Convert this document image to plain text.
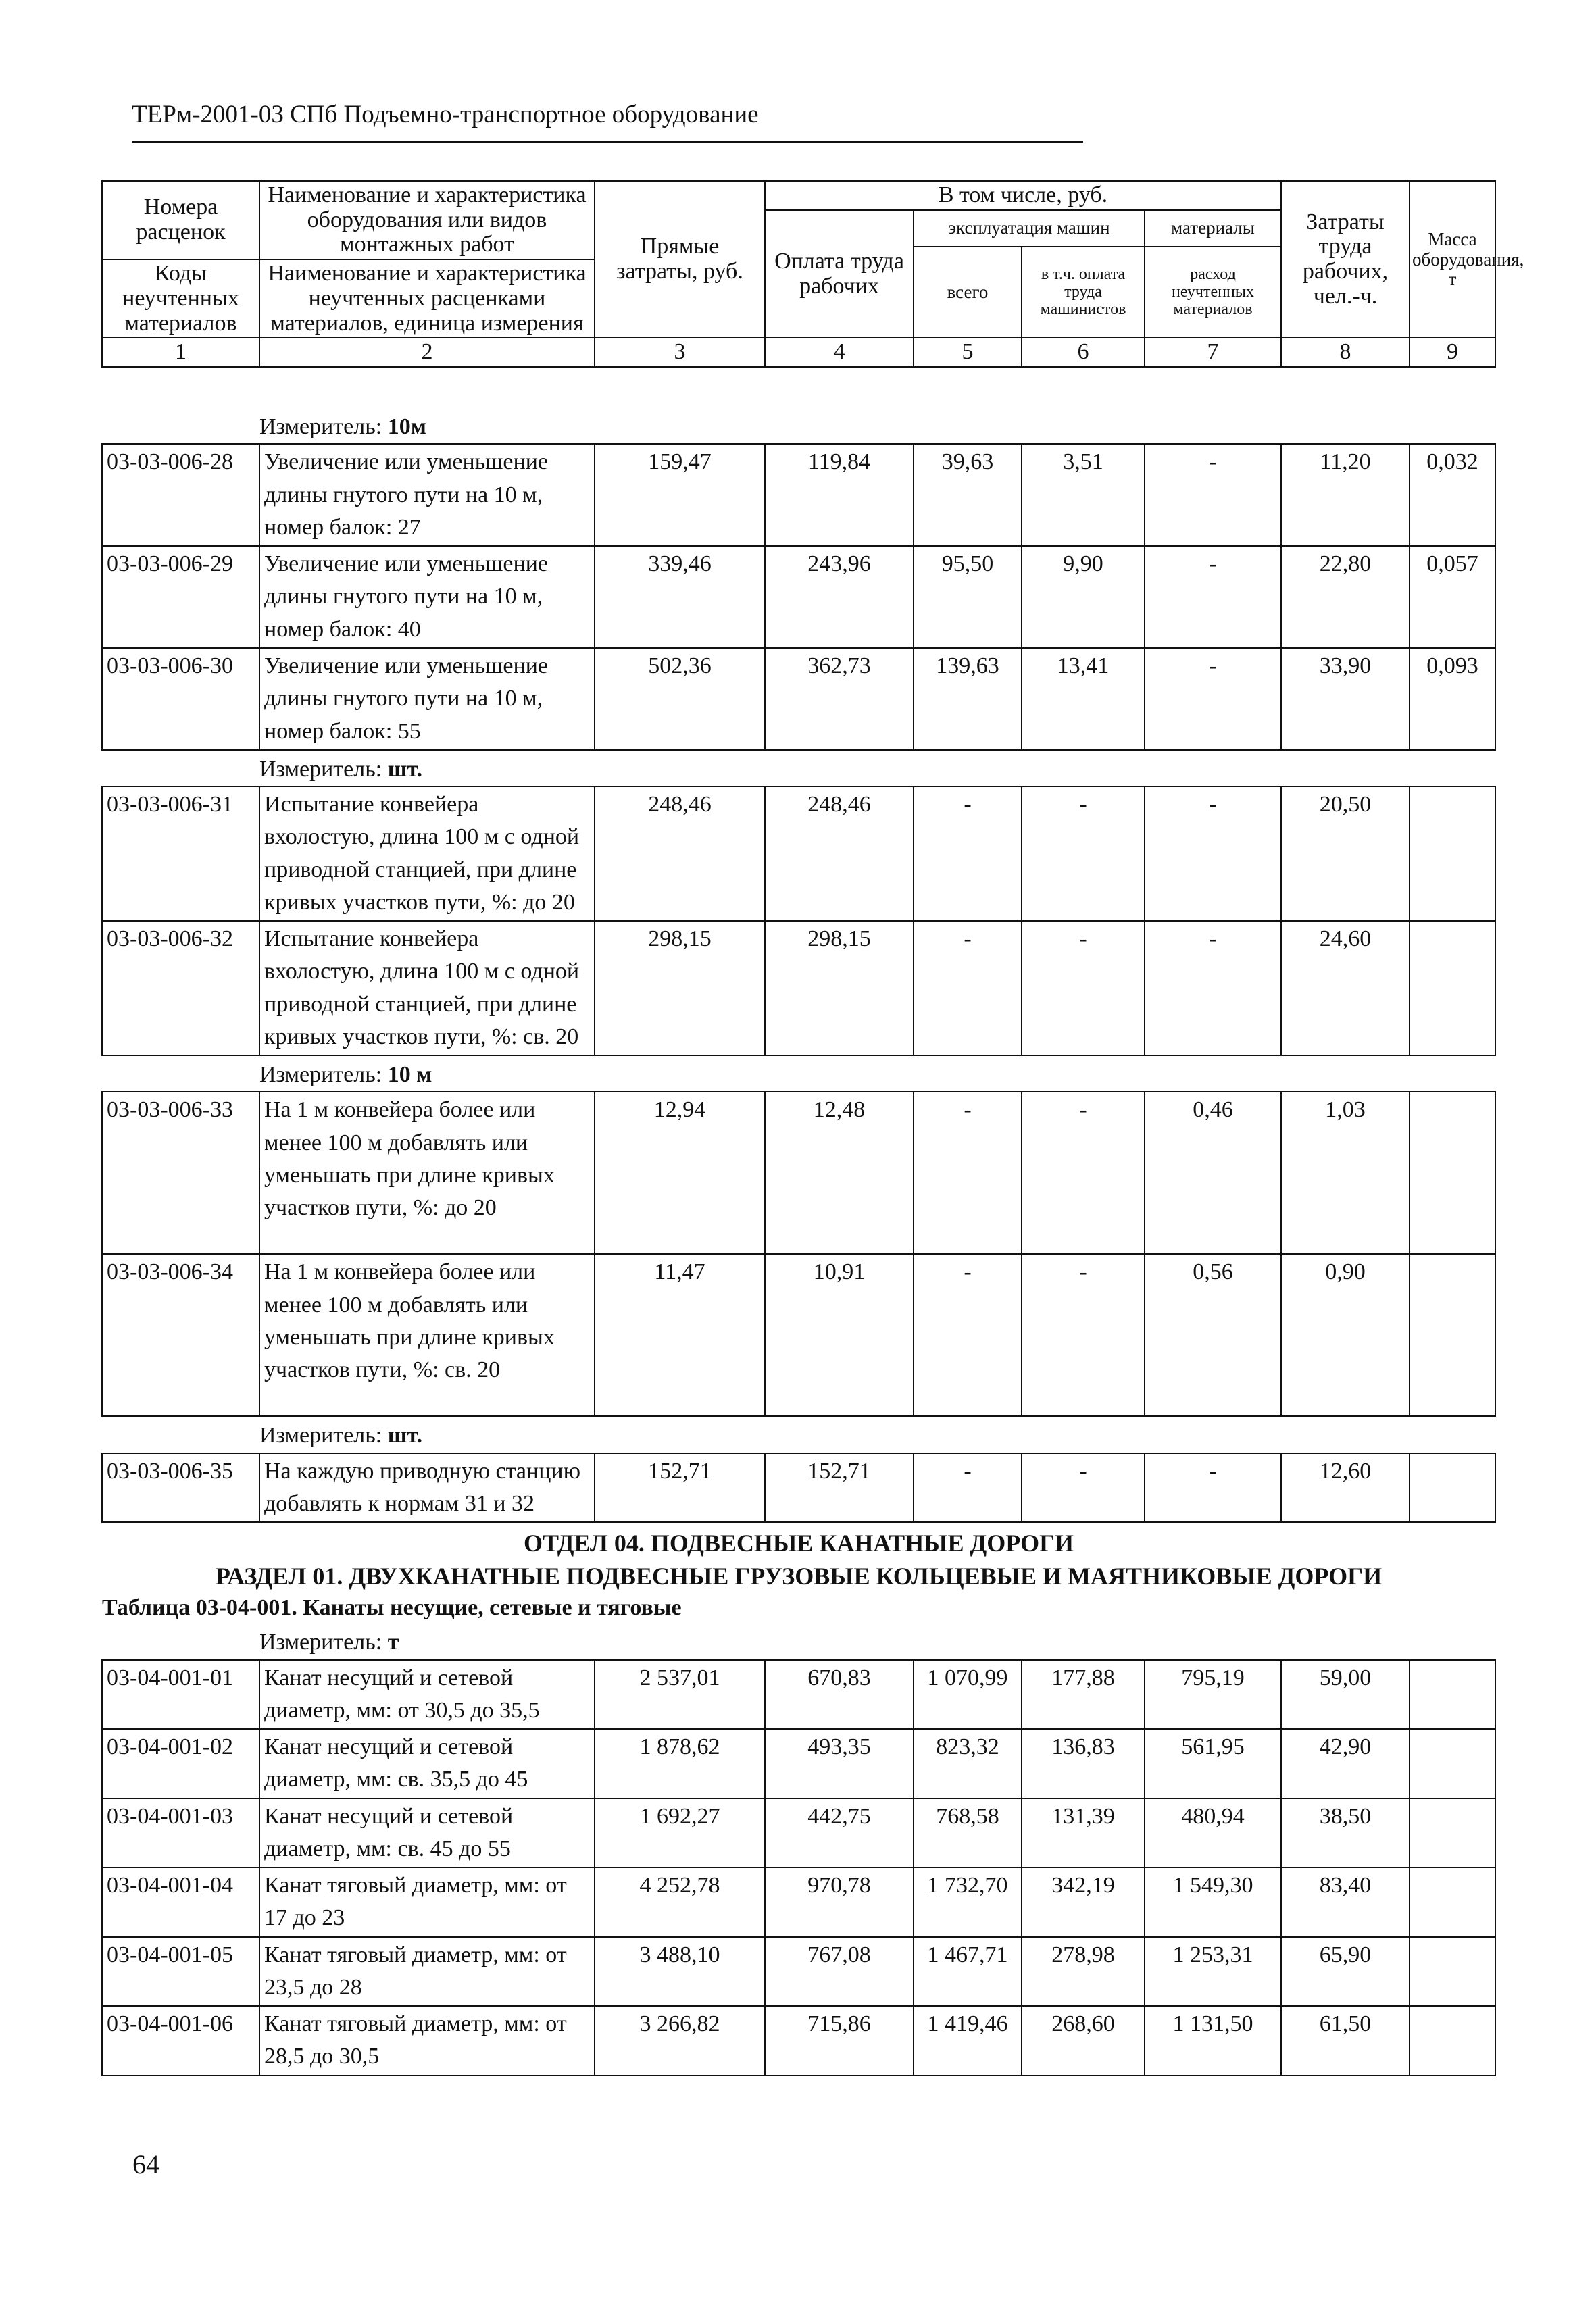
ТЕРм-2001-03 СПб Подъемно-транспортное оборудование
Номера расценок	Наименование и характеристика оборудования или видов монтажных работ	Прямые затраты, руб.	В том числе, руб.				Затраты труда рабочих, чел.-ч.	Масса оборудования, т
			Оплата труда рабочих	эксплуатация машин		материалы		
				всего	в т.ч. оплата труда машинистов	расход неучтенных материалов		
Коды неучтенных материалов	Наименование и характеристика неучтенных расценками материалов, единица измерения							

1	2	3	4	5	6	7	8	9

	Измеритель: 10м							
03-03-006-28	Увеличение или уменьшение длины гнутого пути на 10 м, номер балок: 27	159,47	119,84	39,63	3,51	-	11,20	0,032
03-03-006-29	Увеличение или уменьшение длины гнутого пути на 10 м, номер балок: 40	339,46	243,96	95,50	9,90	-	22,80	0,057
03-03-006-30	Увеличение или уменьшение длины гнутого пути на 10 м, номер балок: 55	502,36	362,73	139,63	13,41	-	33,90	0,093
	Измеритель: шт.							
03-03-006-31	Испытание конвейера вхолостую, длина 100 м с одной приводной станцией, при длине кривых участков пути, %: до 20	248,46	248,46	-	-	-	20,50	
03-03-006-32	Испытание конвейера вхолостую, длина 100 м с одной приводной станцией, при длине кривых участков пути, %: св. 20	298,15	298,15	-	-	-	24,60	
	Измеритель: 10 м							
03-03-006-33	На 1 м конвейера более или менее 100 м добавлять или уменьшать при длине кривых участков пути, %: до 20	12,94	12,48	-	-	0,46	1,03	
03-03-006-34	На 1 м конвейера более или менее 100 м добавлять или уменьшать при длине кривых участков пути, %: св. 20	11,47	10,91	-	-	0,56	0,90	
	Измеритель: шт.							
03-03-006-35	На каждую приводную станцию добавлять к нормам 31 и 32	152,71	152,71	-	-	-	12,60	
ОТДЕЛ 04. ПОДВЕСНЫЕ КАНАТНЫЕ ДОРОГИ								
РАЗДЕЛ 01. ДВУХКАНАТНЫЕ ПОДВЕСНЫЕ ГРУЗОВЫЕ КОЛЬЦЕВЫЕ И МАЯТНИКОВЫЕ ДОРОГИ								
Таблица 03-04-001. Канаты несущие, сетевые и тяговые								
	Измеритель: т							
03-04-001-01	Канат несущий и сетевой диаметр, мм: от 30,5 до 35,5	2 537,01	670,83	1 070,99	177,88	795,19	59,00	
03-04-001-02	Канат несущий и сетевой диаметр, мм: св. 35,5 до 45	1 878,62	493,35	823,32	136,83	561,95	42,90	
03-04-001-03	Канат несущий и сетевой диаметр, мм: св. 45 до 55	1 692,27	442,75	768,58	131,39	480,94	38,50	
03-04-001-04	Канат тяговый диаметр, мм: от 17 до 23	4 252,78	970,78	1 732,70	342,19	1 549,30	83,40	
03-04-001-05	Канат тяговый диаметр, мм: от 23,5 до 28	3 488,10	767,08	1 467,71	278,98	1 253,31	65,90	
03-04-001-06	Канат тяговый диаметр, мм: от 28,5 до 30,5	3 266,82	715,86	1 419,46	268,60	1 131,50	61,50	
64
